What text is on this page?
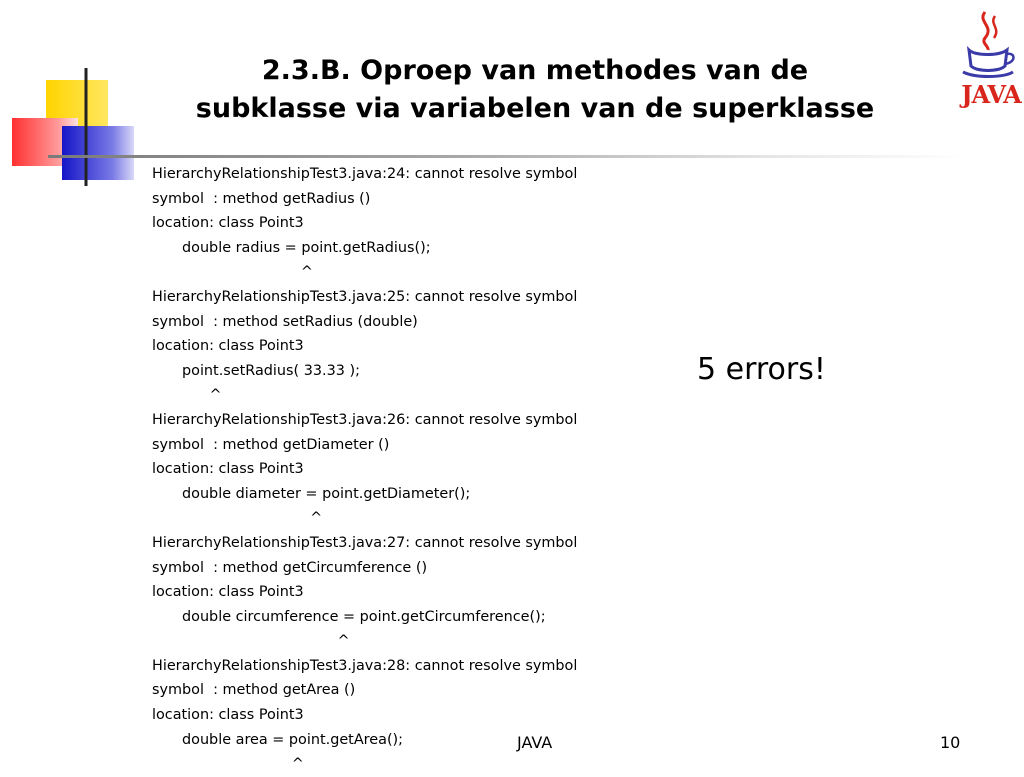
2.3.B. Oproep van methodes van de
subklasse via variabelen van de superklasse	JAVA
HierarchyRelationshipTest3.java:24: cannot resolve symbol
symbol  : method getRadius ()
location: class Point3
double radius = point.getRadius();
^
HierarchyRelationshipTest3.java:25: cannot resolve symbol
symbol  : method setRadius (double)
location: class Point3
point.setRadius( 33.33 );
^
HierarchyRelationshipTest3.java:26: cannot resolve symbol
symbol  : method getDiameter ()
location: class Point3
double diameter = point.getDiameter();
^
HierarchyRelationshipTest3.java:27: cannot resolve symbol
symbol  : method getCircumference ()
location: class Point3
double circumference = point.getCircumference();
^
HierarchyRelationshipTest3.java:28: cannot resolve symbol
symbol  : method getArea ()
location: class Point3
double area = point.getArea();
^
5 errors!
JAVA	10
